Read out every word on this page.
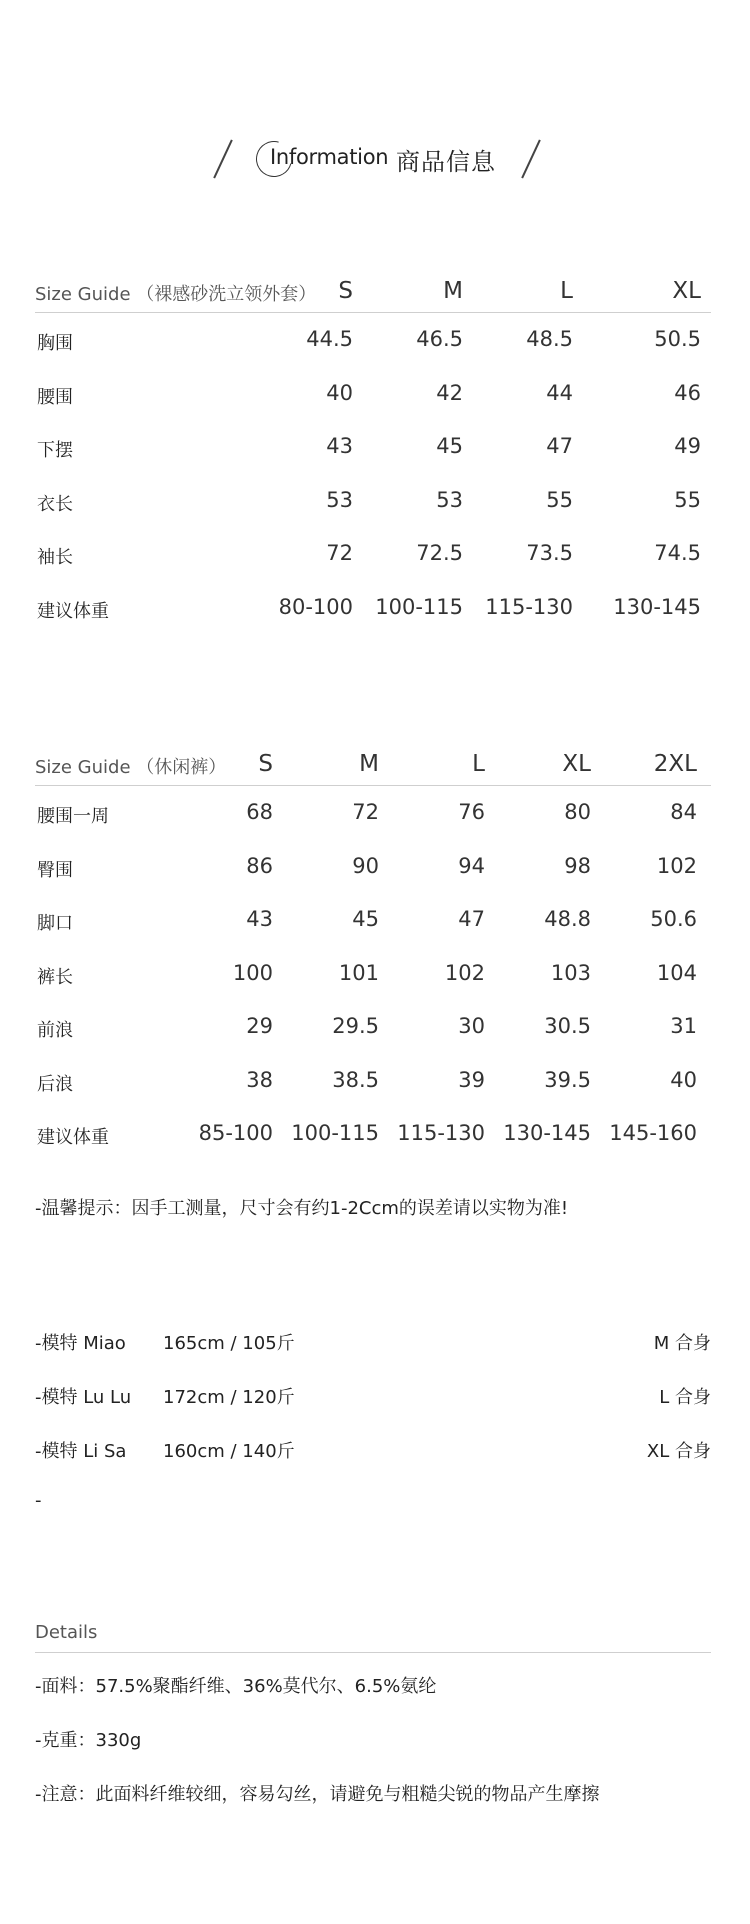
Information 商品信息
Size Guide （裸感砂洗立领外套） S	M	L	XL
胸围	44.5	46.5	48.5	50.5
腰围	40	42	44	46
下摆	43	45	47	49
衣长	53	53	55	55
袖长	72	72.5	73.5	74.5
建议体重	80-100	100-115	115-130	130-145
Size Guide （休闲裤）	S	M	L	XL	2XL
腰围一周	68	72	76	80	84
臀围	86	90	94	98	102
脚口	43	45	47	48.8	50.6
裤长	100	101	102	103	104
前浪	29	29.5	30	30.5	31
后浪	38	38.5	39	39.5	40
建议体重	85-100 100-115 115-130 130-145 145-160
-温馨提示：因手工测量，尺寸会有约1-2Ccm的误差请以实物为准!
-模特 Miao 165cm / 105斤	M 合身
-模特 Lu Lu 172cm / 120斤	L 合身
-模特 Li Sa 160cm / 140斤	XL 合身
-
Details
-面料：57.5%聚酯纤维、36%莫代尔、6.5%氨纶
-克重：330g
-注意：此面料纤维较细，容易勾丝，请避免与粗糙尖锐的物品产生摩擦
